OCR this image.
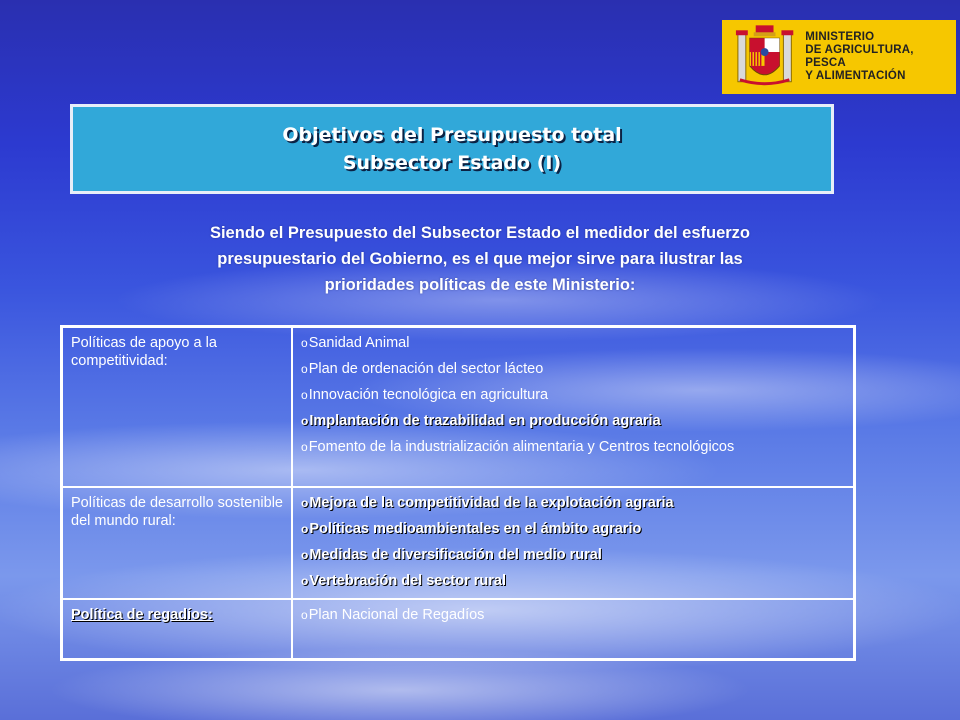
MINISTERIO
DE AGRICULTURA, PESCA
Y ALIMENTACIÓN
Objetivos del Presupuesto total
Subsector Estado (I)
Siendo el Presupuesto del Subsector Estado el medidor del esfuerzo
presupuestario del Gobierno, es el que mejor sirve para ilustrar las
prioridades políticas de este Ministerio:
Políticas de apoyo a la competitividad:	oSanidad Animal
oPlan de ordenación del sector lácteo
oInnovación tecnológica en agricultura
oImplantación de trazabilidad en producción agraria
oFomento de la industrialización alimentaria y Centros tecnológicos

Políticas de desarrollo sostenible del mundo rural:	oMejora de la competitividad de la explotación agraria
oPolíticas medioambientales en el ámbito agrario
oMedidas de diversificación del medio rural
oVertebración del sector rural

Política de regadíos:	oPlan Nacional de Regadíos
